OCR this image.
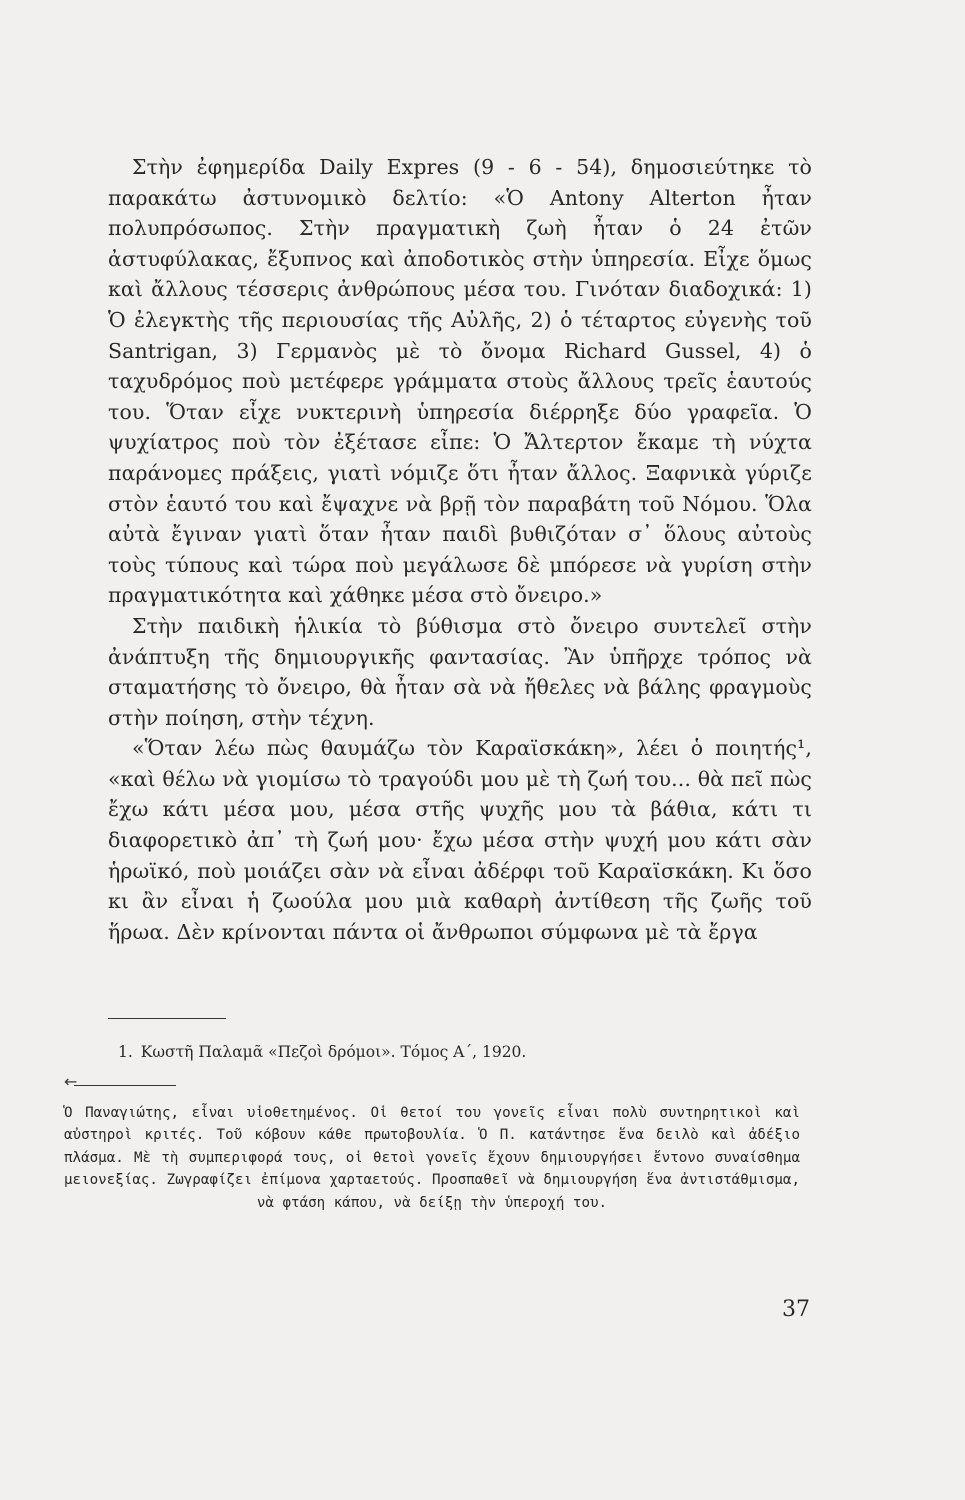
Στὴν ἐφημερίδα Daily Expres (9 - 6 - 54), δημοσιεύτηκε τὸ παρακάτω ἀστυνομικὸ δελτίο: «Ὁ Antony Alterton ἦταν πολυπρόσωπος. Στὴν πραγματικὴ ζωὴ ἦταν ὁ 24 ἐτῶν ἀστυφύλακας, ἔξυπνος καὶ ἀποδοτικὸς στὴν ὑπηρεσία. Εἶχε ὅμως καὶ ἄλλους τέσσερις ἀνθρώπους μέσα του. Γινόταν διαδοχικά: 1) Ὁ ἐλεγκτὴς τῆς περιουσίας τῆς Αὐλῆς, 2) ὁ τέταρτος εὐγενὴς τοῦ Santrigan, 3) Γερμανὸς μὲ τὸ ὄνομα Richard Gussel, 4) ὁ ταχυδρόμος ποὺ μετέφερε γράμματα στοὺς ἄλλους τρεῖς ἑαυτούς του. Ὅταν εἶχε νυκτερινὴ ὑπηρεσία διέρρηξε δύο γραφεῖα. Ὁ ψυχίατρος ποὺ τὸν ἐξέτασε εἶπε: Ὁ Ἄλτερτον ἔκαμε τὴ νύχτα παράνομες πράξεις, γιατὶ νόμιζε ὅτι ἦταν ἄλλος. Ξαφνικὰ γύριζε στὸν ἑαυτό του καὶ ἔψαχνε νὰ βρῇ τὸν παραβάτη τοῦ Νόμου. Ὅλα αὐτὰ ἔγιναν γιατὶ ὅταν ἦταν παιδὶ βυθιζόταν σ᾿ ὅλους αὐτοὺς τοὺς τύπους καὶ τώρα ποὺ μεγάλωσε δὲ μπόρεσε νὰ γυρίση στὴν πραγματικότητα καὶ χάθηκε μέσα στὸ ὄνειρο.»

Στὴν παιδικὴ ἡλικία τὸ βύθισμα στὸ ὄνειρο συντελεῖ στὴν ἀνάπτυξη τῆς δημιουργικῆς φαντασίας. Ἂν ὑπῆρχε τρόπος νὰ σταματήσης τὸ ὄνειρο, θὰ ἦταν σὰ νὰ ἤθελες νὰ βάλης φραγμοὺς στὴν ποίηση, στὴν τέχνη.

«Ὅταν λέω πὼς θαυμάζω τὸν Καραϊσκάκη», λέει ὁ ποιητής¹, «καὶ θέλω νὰ γιομίσω τὸ τραγούδι μου μὲ τὴ ζωή του... θὰ πεῖ πὼς ἔχω κάτι μέσα μου, μέσα στῆς ψυχῆς μου τὰ βάθια, κάτι τι διαφορετικὸ ἀπ᾿ τὴ ζωή μου· ἔχω μέσα στὴν ψυχή μου κάτι σὰν ἡρωϊκό, ποὺ μοιάζει σὰν νὰ εἶναι ἀδέρφι τοῦ Καραϊσκάκη. Κι ὅσο κι ἂν εἶναι ἡ ζωούλα μου μιὰ καθαρὴ ἀντίθεση τῆς ζωῆς τοῦ ἥρωα. Δὲν κρίνονται πάντα οἱ ἄνθρωποι σύμφωνα μὲ τὰ ἔργα

1. Κωστῆ Παλαμᾶ «Πεζοὶ δρόμοι». Τόμος Α΄, 1920.
←

Ὁ Παναγιώτης, εἶναι υἱοθετημένος. Οἱ θετοί του γονεῖς εἶναι πολὺ συντηρητικοὶ καὶ αὐστηροὶ κριτές. Τοῦ κόβουν κάθε πρωτοβουλία. Ὁ Π. κατάντησε ἕνα δειλὸ καὶ ἀδέξιο πλάσμα. Μὲ τὴ συμπεριφορά τους, οἱ θετοὶ γονεῖς ἔχουν δημιουργήσει ἔντονο συναίσθημα μειονεξίας. Ζωγραφίζει ἐπίμονα χαρταετούς. Προσπαθεῖ νὰ δημιουργήση ἕνα ἀντιστάθμισμα, νὰ φτάση κάπου, νὰ δείξῃ τὴν ὑπεροχή του.

37
